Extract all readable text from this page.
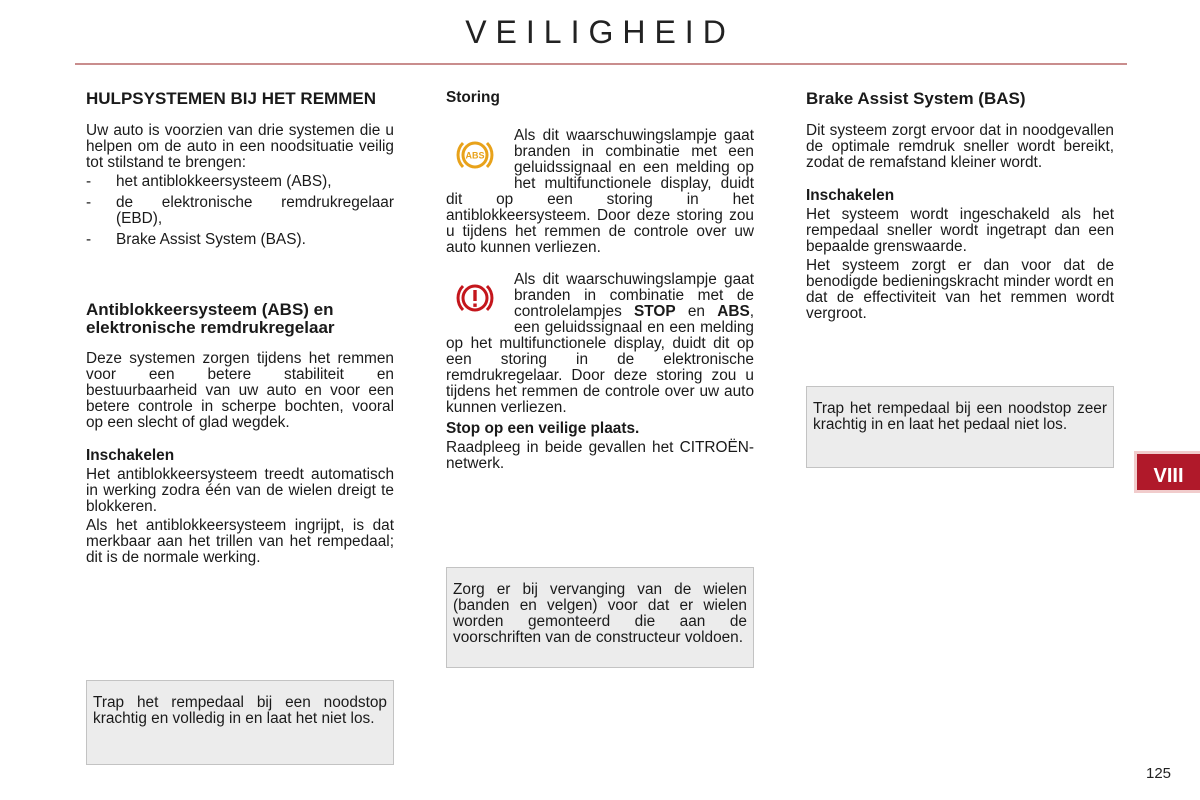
VEILIGHEID
HULPSYSTEMEN BIJ HET REMMEN

Uw auto is voorzien van drie systemen die u helpen om de auto in een noodsituatie veilig tot stilstand te brengen:

- het antiblokkeersysteem (ABS),
- de elektronische remdrukregelaar (EBD),
- Brake Assist System (BAS).
Antiblokkeersysteem (ABS) en elektronische remdrukregelaar

Deze systemen zorgen tijdens het remmen voor een betere stabiliteit en bestuurbaarheid van uw auto en voor een betere controle in scherpe bochten, vooral op een slecht of glad wegdek.

Inschakelen

Het antiblokkeersysteem treedt automatisch in werking zodra één van de wielen dreigt te blokkeren.

Als het antiblokkeersysteem ingrijpt, is dat merkbaar aan het trillen van het rempedaal; dit is de normale werking.

Trap het rempedaal bij een noodstop krachtig en volledig in en laat het niet los.
Storing
ABS
Als dit waarschuwingslampje gaat branden in combinatie met een geluidssignaal en een melding op het multifunctionele display, duidt dit op een storing in het antiblokkeersysteem. Door deze storing zou u tijdens het remmen de controle over uw auto kunnen verliezen.
Als dit waarschuwingslampje gaat branden in combinatie met de controlelampjes STOP en ABS, een geluidssignaal en een melding op het multifunctionele display, duidt dit op een storing in de elektronische remdrukregelaar. Door deze storing zou u tijdens het remmen de controle over uw auto kunnen verliezen.
Stop op een veilige plaats.

Raadpleeg in beide gevallen het CITROËN-netwerk.

Zorg er bij vervanging van de wielen (banden en velgen) voor dat er wielen worden gemonteerd die aan de voorschriften van de constructeur voldoen.
Brake Assist System (BAS)

Dit systeem zorgt ervoor dat in noodgevallen de optimale remdruk sneller wordt bereikt, zodat de remafstand kleiner wordt.

Inschakelen

Het systeem wordt ingeschakeld als het rempedaal sneller wordt ingetrapt dan een bepaalde grenswaarde.

Het systeem zorgt er dan voor dat de benodigde bedieningskracht minder wordt en dat de effectiviteit van het remmen wordt vergroot.

Trap het rempedaal bij een noodstop zeer krachtig in en laat het pedaal niet los.
VIII
125
